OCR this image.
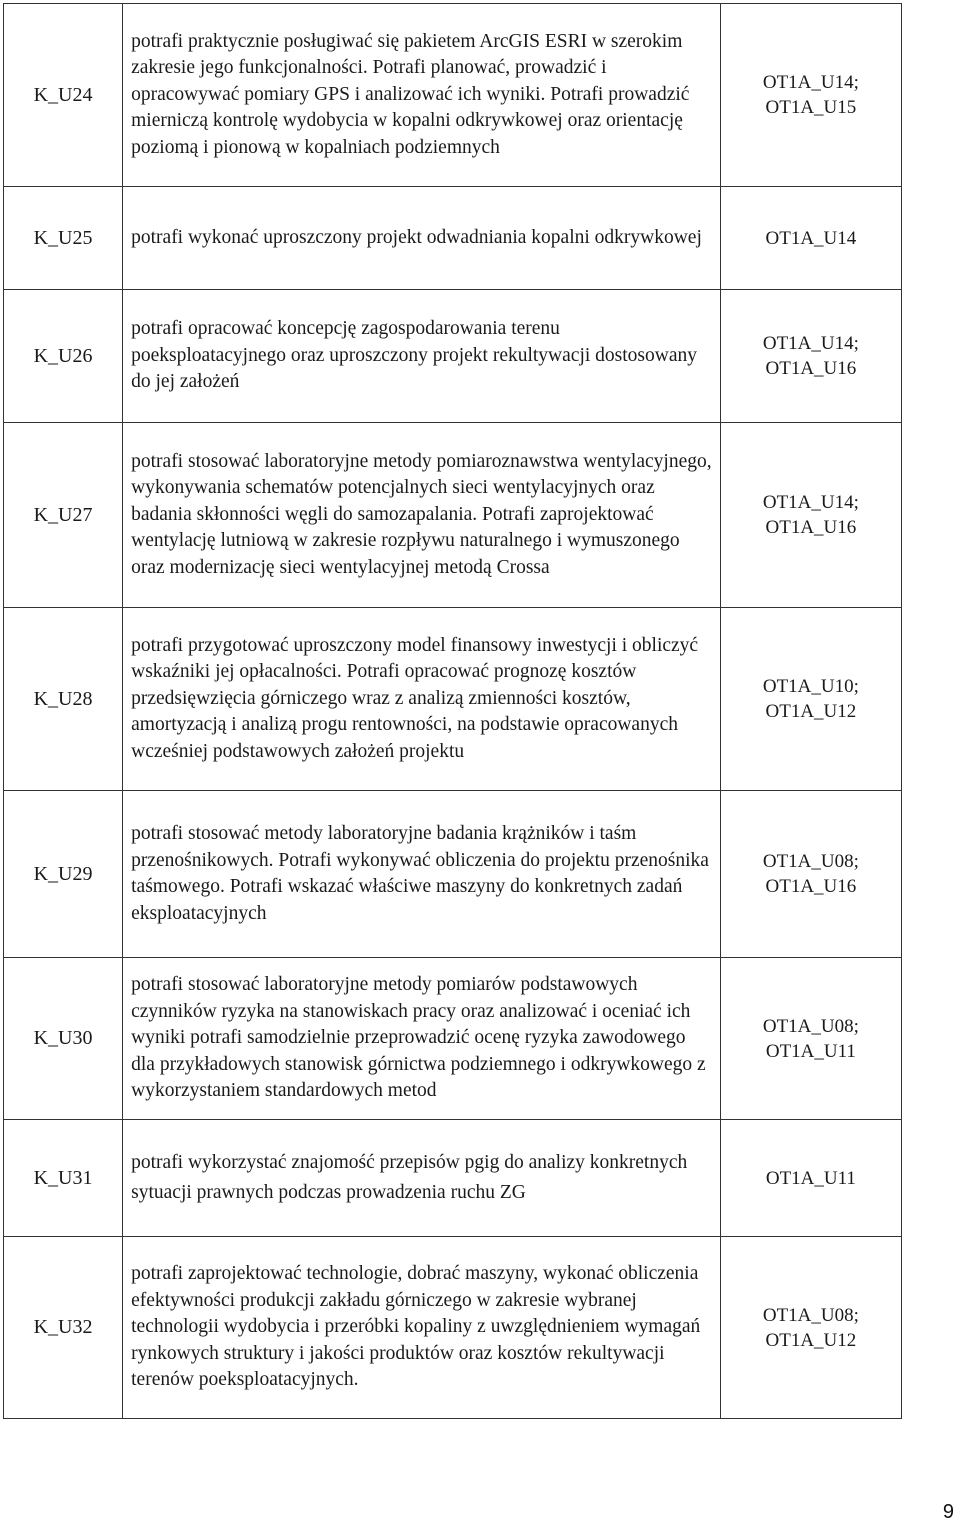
K_U24	potrafi praktycznie posługiwać się pakietem ArcGIS ESRI w szerokim zakresie jego funkcjonalności. Potrafi planować, prowadzić i opracowywać pomiary GPS i analizować ich wyniki. Potrafi prowadzić mierniczą kontrolę wydobycia w kopalni odkrywkowej oraz orientację poziomą i pionową w kopalniach podziemnych	OT1A_U14;
OT1A_U15

K_U25	potrafi wykonać uproszczony projekt odwadniania kopalni odkrywkowej	OT1A_U14

K_U26	potrafi opracować koncepcję zagospodarowania terenu poeksploatacyjnego oraz uproszczony projekt rekultywacji dostosowany do jej założeń	OT1A_U14;
OT1A_U16

K_U27	potrafi stosować laboratoryjne metody pomiaroznawstwa wentylacyjnego, wykonywania schematów potencjalnych sieci wentylacyjnych oraz badania skłonności węgli do samozapalania. Potrafi zaprojektować wentylację lutniową w zakresie rozpływu naturalnego i wymuszonego oraz modernizację sieci wentylacyjnej metodą Crossa	OT1A_U14;
OT1A_U16

K_U28	potrafi przygotować uproszczony model finansowy inwestycji i obliczyć wskaźniki jej opłacalności. Potrafi opracować prognozę kosztów przedsięwzięcia górniczego wraz z analizą zmienności kosztów, amortyzacją i analizą progu rentowności, na podstawie opracowanych wcześniej podstawowych założeń projektu	OT1A_U10;
OT1A_U12

K_U29	potrafi stosować metody laboratoryjne badania krążników i taśm przenośnikowych. Potrafi wykonywać obliczenia do projektu przenośnika taśmowego. Potrafi wskazać właściwe maszyny do konkretnych zadań eksploatacyjnych	OT1A_U08;
OT1A_U16

K_U30	potrafi stosować laboratoryjne metody pomiarów podstawowych czynników ryzyka na stanowiskach pracy oraz analizować i oceniać ich wyniki potrafi samodzielnie przeprowadzić ocenę ryzyka zawodowego dla przykładowych stanowisk górnictwa podziemnego i odkrywkowego z wykorzystaniem standardowych metod	OT1A_U08;
OT1A_U11

K_U31	potrafi wykorzystać znajomość przepisów pgig do analizy konkretnych sytuacji prawnych podczas prowadzenia ruchu ZG	OT1A_U11

K_U32	potrafi zaprojektować technologie, dobrać maszyny, wykonać obliczenia efektywności produkcji zakładu górniczego w zakresie wybranej technologii wydobycia i przeróbki kopaliny z uwzględnieniem wymagań rynkowych struktury i jakości produktów oraz kosztów rekultywacji terenów poeksploatacyjnych.	OT1A_U08;
OT1A_U12
9
